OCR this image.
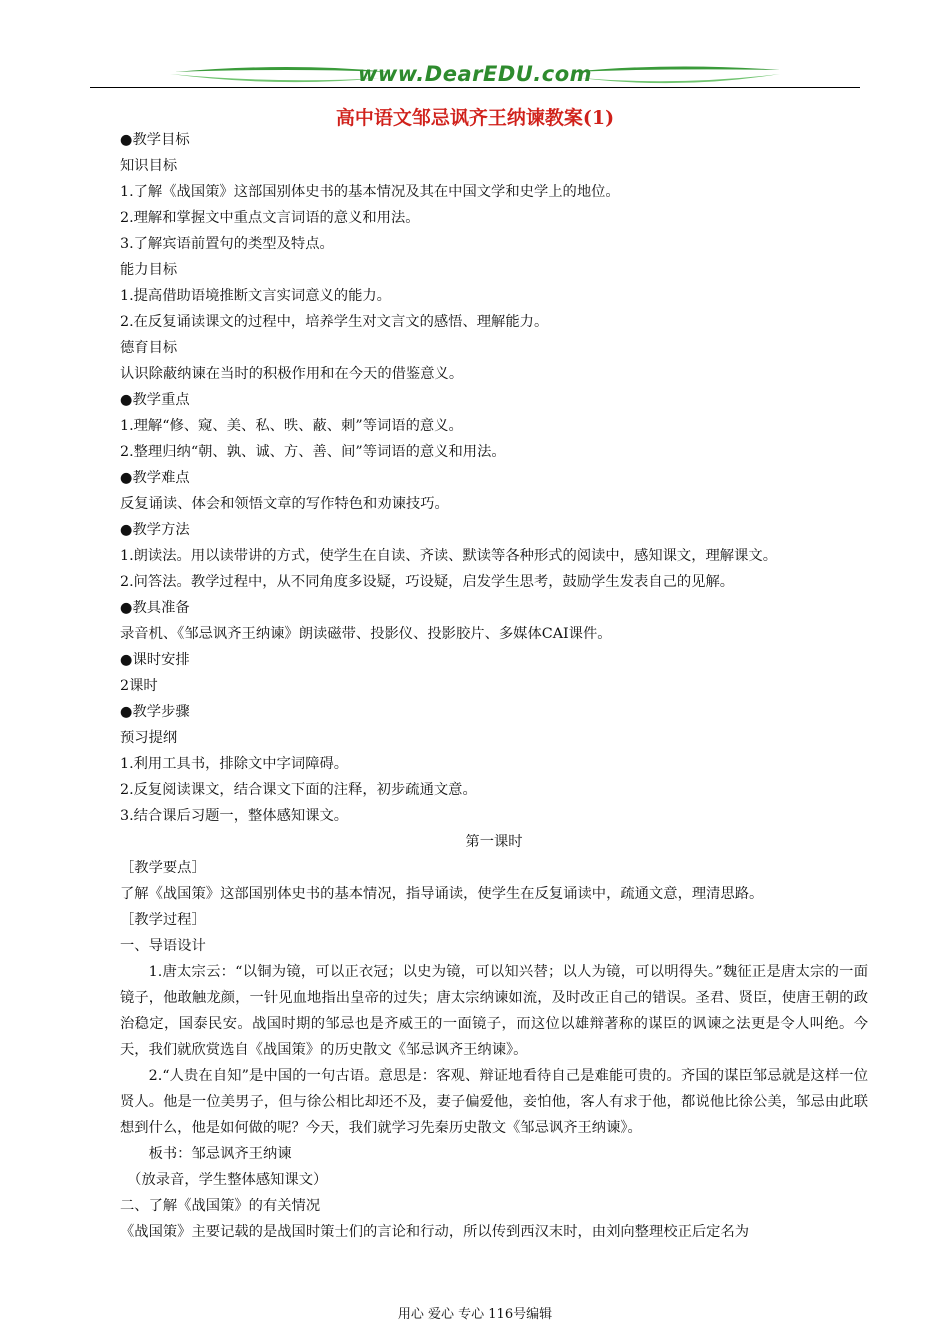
www.DearEDU.com
高中语文邹忌讽齐王纳谏教案(1)
●教学目标
知识目标
1.了解《战国策》这部国别体史书的基本情况及其在中国文学和史学上的地位。
2.理解和掌握文中重点文言词语的意义和用法。
3.了解宾语前置句的类型及特点。
能力目标
1.提高借助语境推断文言实词意义的能力。
2.在反复诵读课文的过程中，培养学生对文言文的感悟、理解能力。
德育目标
认识除蔽纳谏在当时的积极作用和在今天的借鉴意义。
●教学重点
1.理解“修、窥、美、私、昳、蔽、刺”等词语的意义。
2.整理归纳“朝、孰、诚、方、善、间”等词语的意义和用法。
●教学难点
反复诵读、体会和领悟文章的写作特色和劝谏技巧。
●教学方法
1.朗读法。用以读带讲的方式，使学生在自读、齐读、默读等各种形式的阅读中，感知课文，理解课文。
2.问答法。教学过程中，从不同角度多设疑，巧设疑，启发学生思考，鼓励学生发表自己的见解。
●教具准备
录音机、《邹忌讽齐王纳谏》朗读磁带、投影仪、投影胶片、多媒体CAI课件。
●课时安排
2课时
●教学步骤
预习提纲
1.利用工具书，排除文中字词障碍。
2.反复阅读课文，结合课文下面的注释，初步疏通文意。
3.结合课后习题一，整体感知课文。
第一课时
［教学要点］
了解《战国策》这部国别体史书的基本情况，指导诵读，使学生在反复诵读中，疏通文意，理清思路。
［教学过程］
一、导语设计
1.唐太宗云：“以铜为镜，可以正衣冠；以史为镜，可以知兴替；以人为镜，可以明得失。”魏征正是唐太宗的一面镜子，他敢触龙颜，一针见血地指出皇帝的过失；唐太宗纳谏如流，及时改正自己的错误。圣君、贤臣，使唐王朝的政治稳定，国泰民安。战国时期的邹忌也是齐威王的一面镜子，而这位以雄辩著称的谋臣的讽谏之法更是令人叫绝。今天，我们就欣赏选自《战国策》的历史散文《邹忌讽齐王纳谏》。
2.“人贵在自知”是中国的一句古语。意思是：客观、辩证地看待自己是难能可贵的。齐国的谋臣邹忌就是这样一位贤人。他是一位美男子，但与徐公相比却还不及，妻子偏爱他，妾怕他，客人有求于他，都说他比徐公美，邹忌由此联想到什么，他是如何做的呢？今天，我们就学习先秦历史散文《邹忌讽齐王纳谏》。
　　板书：邹忌讽齐王纳谏
　（放录音，学生整体感知课文）
二、了解《战国策》的有关情况
《战国策》主要记载的是战国时策士们的言论和行动，所以传到西汉末时，由刘向整理校正后定名为
用心 爱心 专心 116号编辑
